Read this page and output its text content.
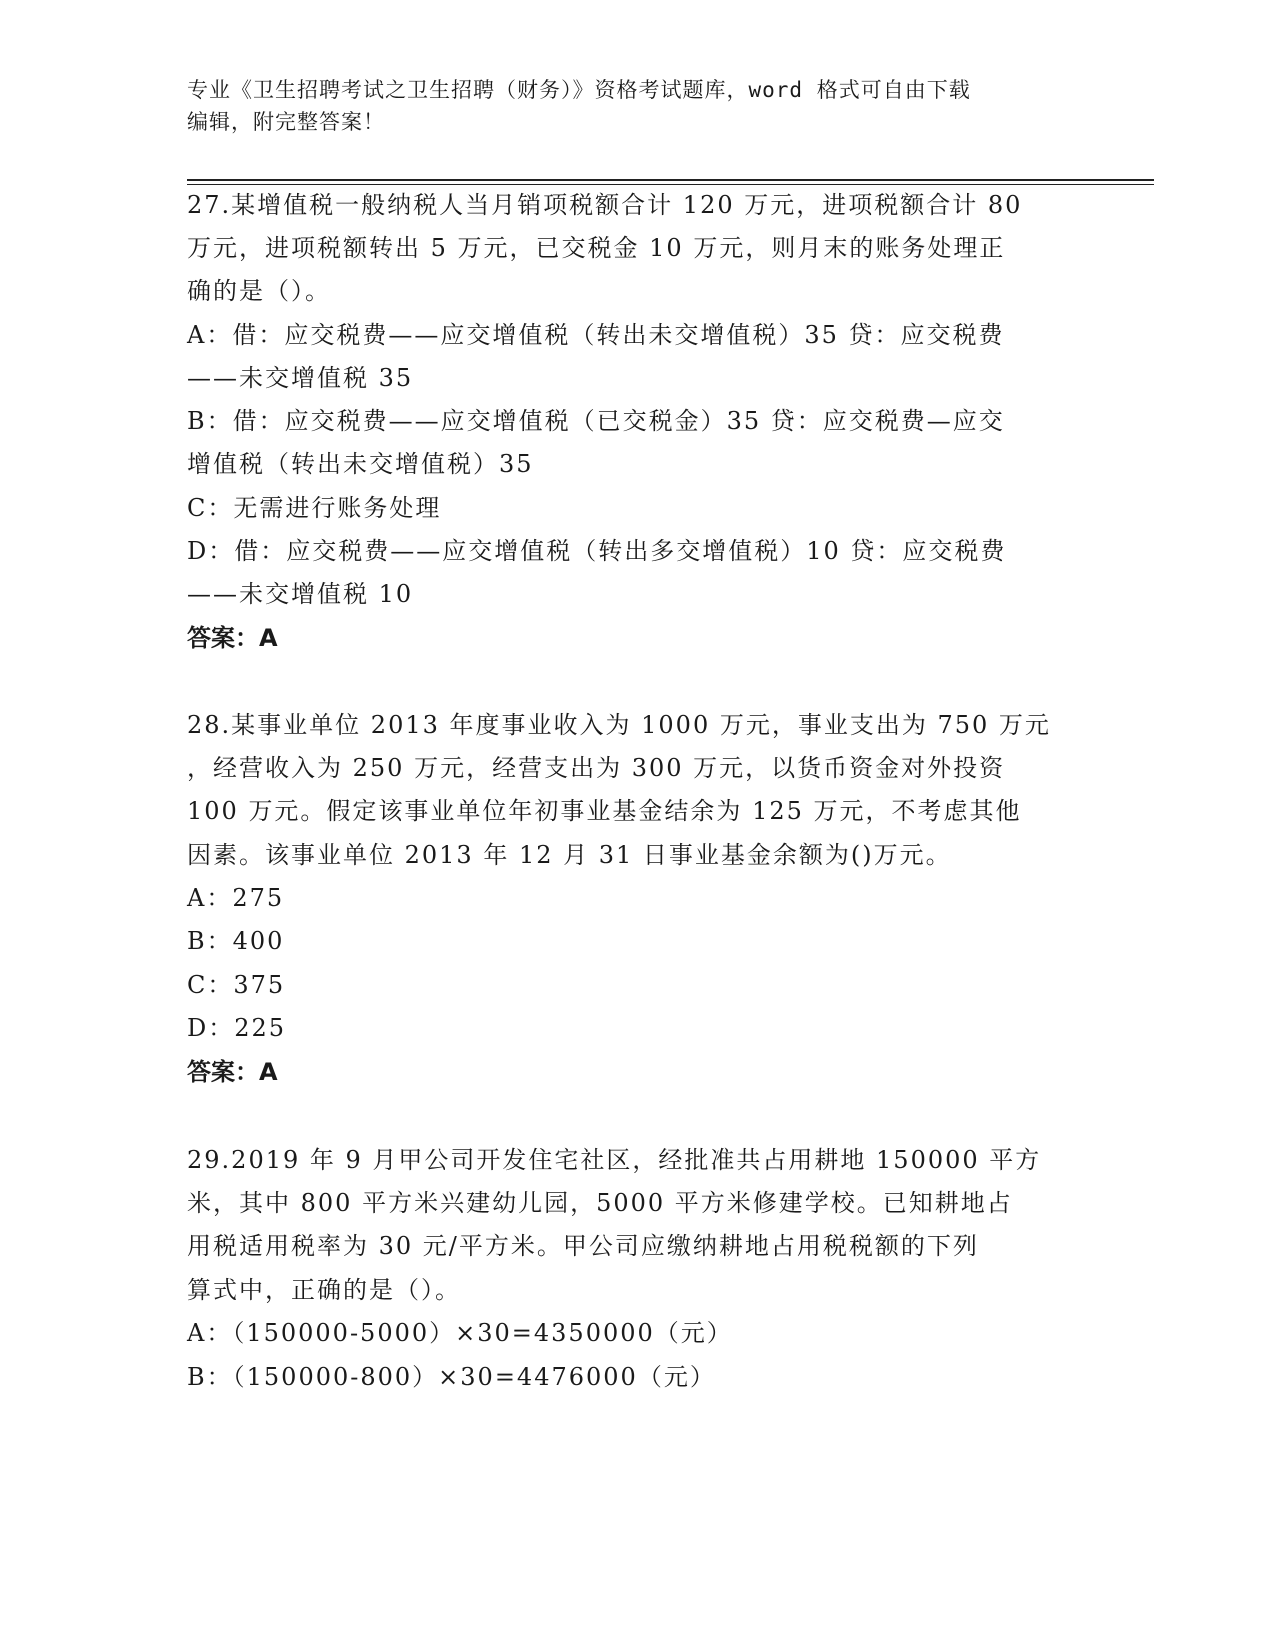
专业《卫生招聘考试之卫生招聘（财务）》资格考试题库，word 格式可自由下载
编辑，附完整答案！
27.某增值税一般纳税人当月销项税额合计 120 万元，进项税额合计 80
万元，进项税额转出 5 万元，已交税金 10 万元，则月末的账务处理正
确的是（）。
A：借：应交税费——应交增值税（转出未交增值税）35 贷：应交税费
——未交增值税 35
B：借：应交税费——应交增值税（已交税金）35 贷：应交税费—应交
增值税（转出未交增值税）35
C：无需进行账务处理
D：借：应交税费——应交增值税（转出多交增值税）10 贷：应交税费
——未交增值税 10
答案：A
28.某事业单位 2013 年度事业收入为 1000 万元，事业支出为 750 万元
，经营收入为 250 万元，经营支出为 300 万元，以货币资金对外投资
100 万元。假定该事业单位年初事业基金结余为 125 万元，不考虑其他
因素。该事业单位 2013 年 12 月 31 日事业基金余额为()万元。
A：275
B：400
C：375
D：225
答案：A
29.2019 年 9 月甲公司开发住宅社区，经批准共占用耕地 150000 平方
米，其中 800 平方米兴建幼儿园，5000 平方米修建学校。已知耕地占
用税适用税率为 30 元/平方米。甲公司应缴纳耕地占用税税额的下列
算式中，正确的是（）。
A：（150000-5000）×30=4350000（元）
B：（150000-800）×30=4476000（元）
